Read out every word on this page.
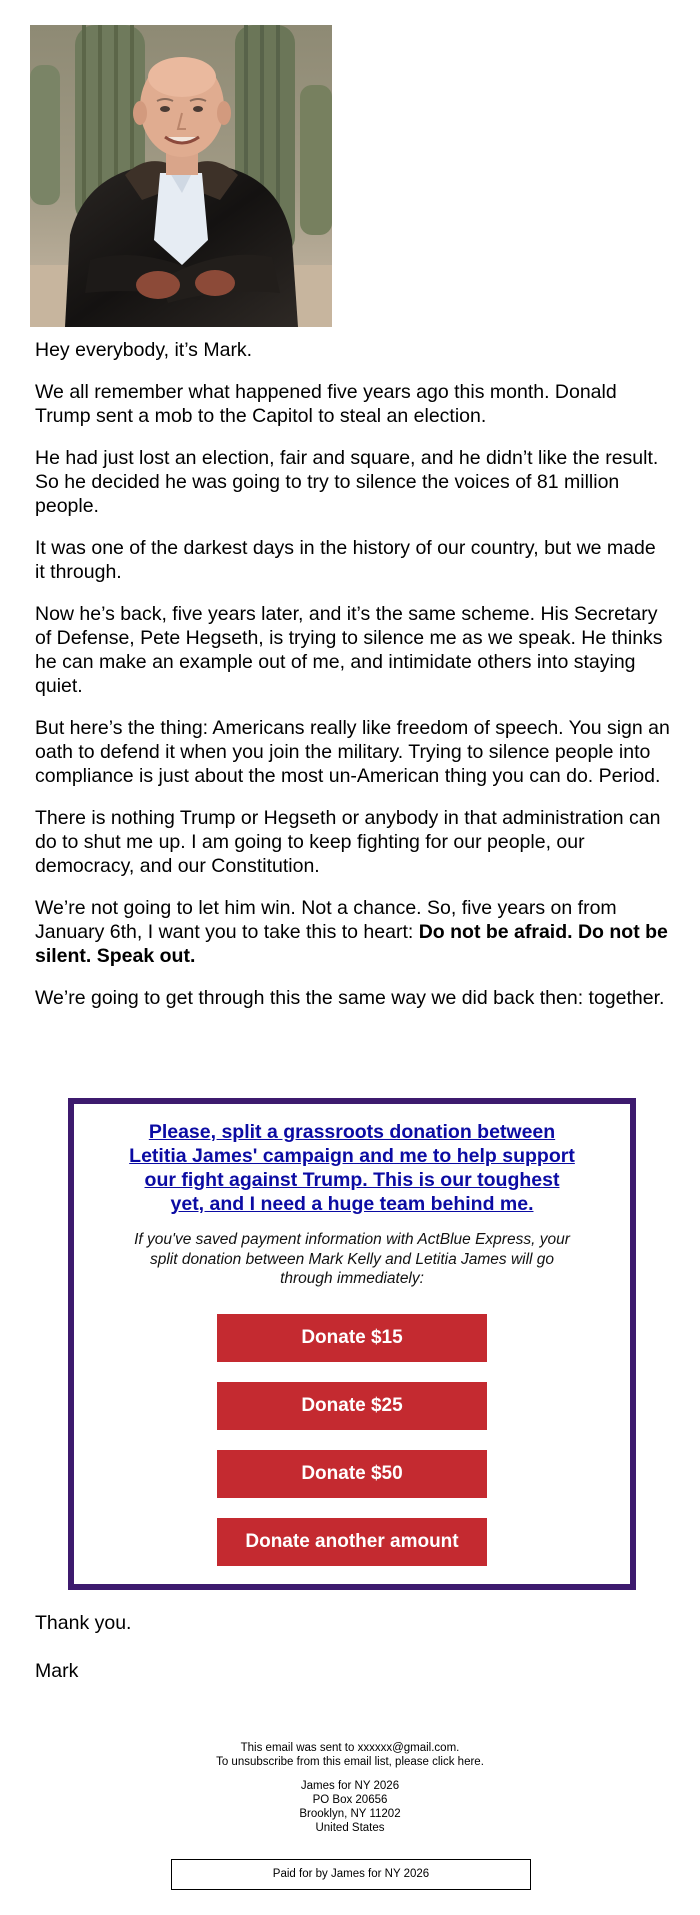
Hey everybody, it’s Mark.

We all remember what happened five years ago this month. Donald Trump sent a mob to the Capitol to steal an election.

He had just lost an election, fair and square, and he didn’t like the result. So he decided he was going to try to silence the voices of 81 million people.

It was one of the darkest days in the history of our country, but we made it through.

Now he’s back, five years later, and it’s the same scheme. His Secretary of Defense, Pete Hegseth, is trying to silence me as we speak. He thinks he can make an example out of me, and intimidate others into staying quiet.

But here’s the thing: Americans really like freedom of speech. You sign an oath to defend it when you join the military. Trying to silence people into compliance is just about the most un-American thing you can do. Period.

There is nothing Trump or Hegseth or anybody in that administration can do to shut me up. I am going to keep fighting for our people, our democracy, and our Constitution.

We’re not going to let him win. Not a chance. So, five years on from January 6th, I want you to take this to heart: Do not be afraid. Do not be silent. Speak out.

We’re going to get through this the same way we did back then: together.

Please, split a grassroots donation between Letitia James' campaign and me to help support our fight against Trump. This is our toughest yet, and I need a huge team behind me.

If you've saved payment information with ActBlue Express, your split donation between Mark Kelly and Letitia James will go through immediately:

Donate $15
Donate $25
Donate $50
Donate another amount

Thank you.

Mark

This email was sent to xxxxxx@gmail.com.
To unsubscribe from this email list, please click here.
James for NY 2026
PO Box 20656
Brooklyn, NY 11202
United States
Paid for by James for NY 2026
